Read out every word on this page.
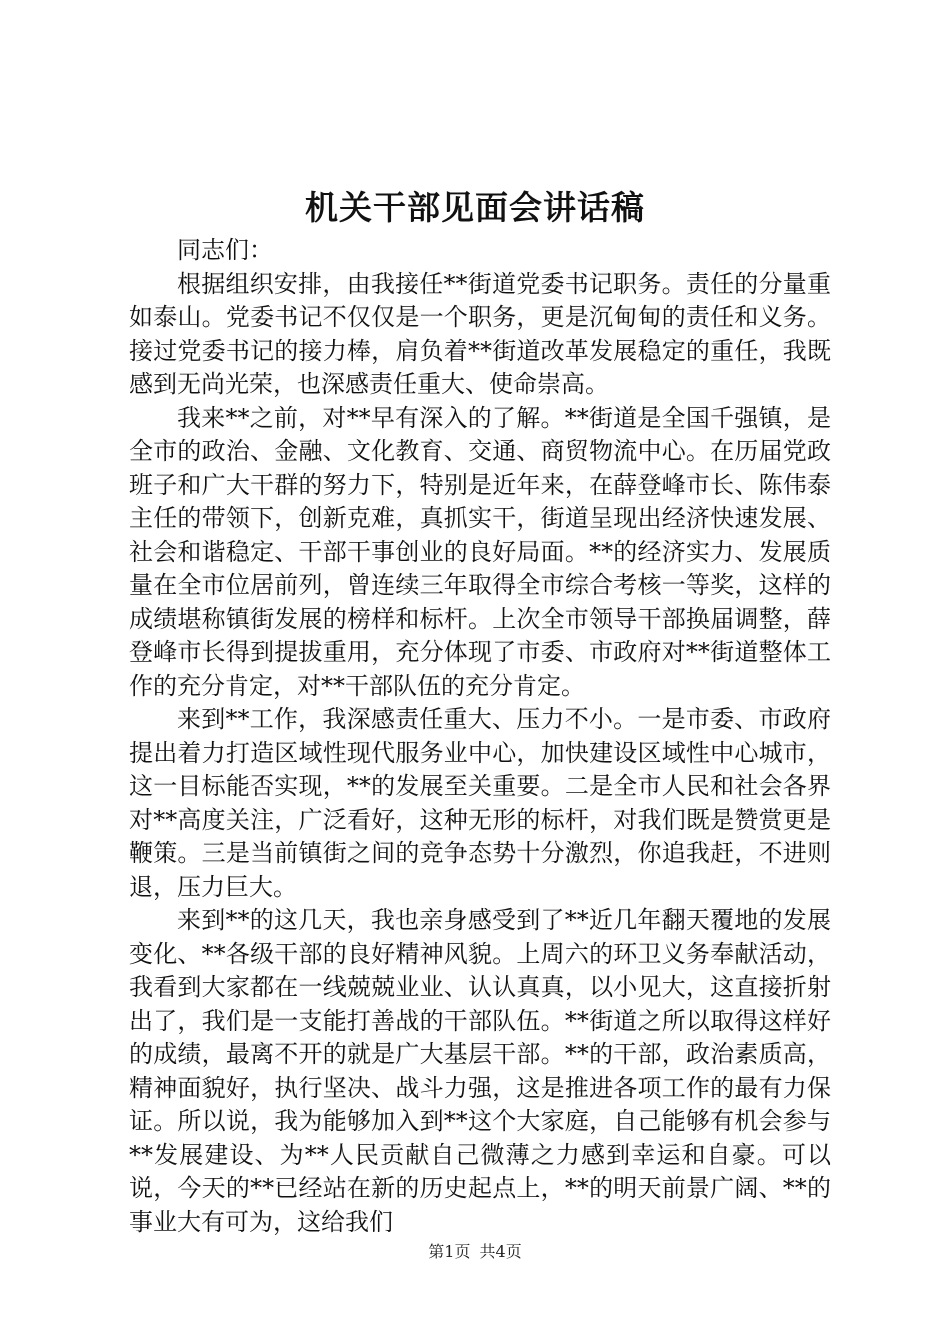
机关干部见面会讲话稿

同志们：

根据组织安排，由我接任**街道党委书记职务。责任的分量重如泰山。党委书记不仅仅是一个职务，更是沉甸甸的责任和义务。接过党委书记的接力棒，肩负着**街道改革发展稳定的重任，我既感到无尚光荣，也深感责任重大、使命崇高。

我来**之前，对**早有深入的了解。**街道是全国千强镇，是全市的政治、金融、文化教育、交通、商贸物流中心。在历届党政班子和广大干群的努力下，特别是近年来，在薛登峰市长、陈伟泰主任的带领下，创新克难，真抓实干，街道呈现出经济快速发展、社会和谐稳定、干部干事创业的良好局面。**的经济实力、发展质量在全市位居前列，曾连续三年取得全市综合考核一等奖，这样的成绩堪称镇街发展的榜样和标杆。上次全市领导干部换届调整，薛登峰市长得到提拔重用，充分体现了市委、市政府对**街道整体工作的充分肯定，对**干部队伍的充分肯定。

来到**工作，我深感责任重大、压力不小。一是市委、市政府提出着力打造区域性现代服务业中心，加快建设区域性中心城市，这一目标能否实现，**的发展至关重要。二是全市人民和社会各界对**高度关注，广泛看好，这种无形的标杆，对我们既是赞赏更是鞭策。三是当前镇街之间的竞争态势十分激烈，你追我赶，不进则退，压力巨大。

来到**的这几天，我也亲身感受到了**近几年翻天覆地的发展变化、**各级干部的良好精神风貌。上周六的环卫义务奉献活动，我看到大家都在一线兢兢业业、认认真真，以小见大，这直接折射出了，我们是一支能打善战的干部队伍。**街道之所以取得这样好的成绩，最离不开的就是广大基层干部。**的干部，政治素质高，精神面貌好，执行坚决、战斗力强，这是推进各项工作的最有力保证。所以说，我为能够加入到**这个大家庭，自己能够有机会参与**发展建设、为**人民贡献自己微薄之力感到幸运和自豪。可以说，今天的**已经站在新的历史起点上，**的明天前景广阔、**的事业大有可为，这给我们

第1页 共4页
